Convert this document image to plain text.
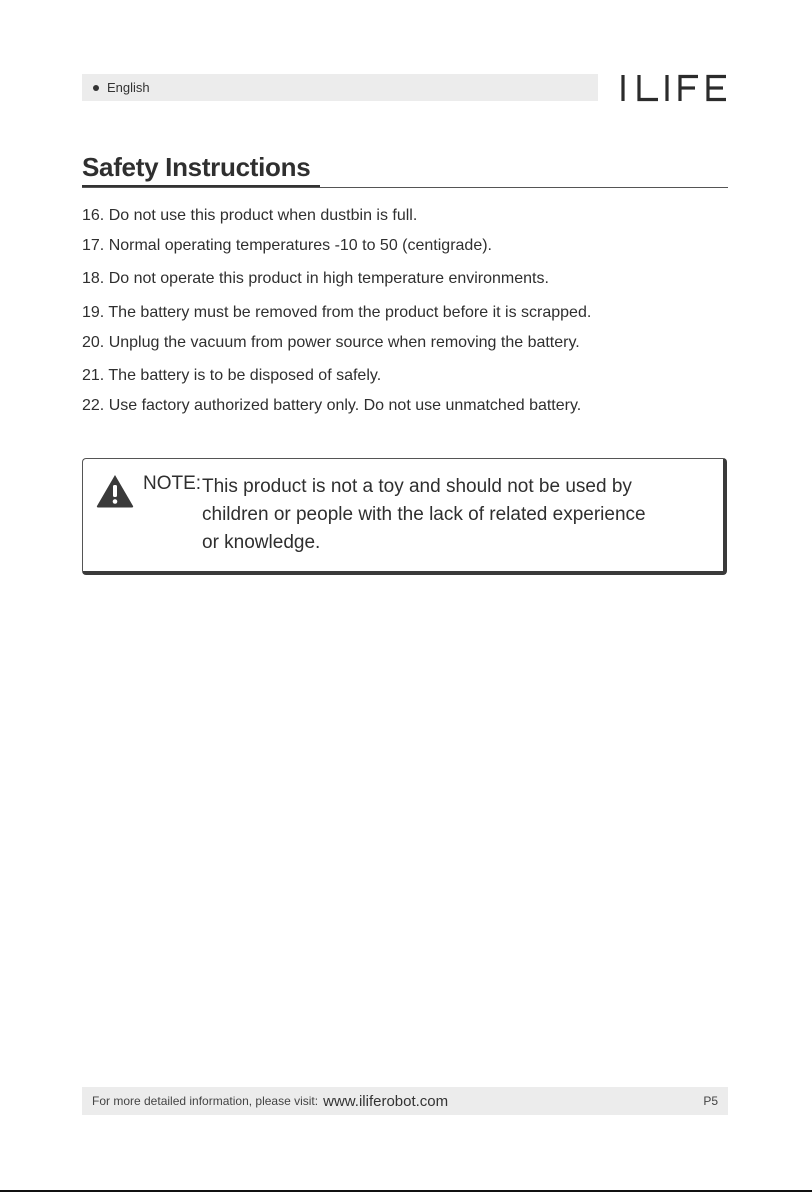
English
Safety Instructions
16. Do not use this product when dustbin is full.
17. Normal operating temperatures -10 to 50 (centigrade).
18. Do not operate this product in high temperature environments.
19. The battery must be removed from the product before it is scrapped.
20. Unplug the vacuum from power source when removing the battery.
21. The battery is to be disposed of safely.
22. Use factory authorized battery only. Do not use unmatched battery.
NOTE: This product is not a toy and should not be used by
children or people with the lack of related experience
or knowledge.
For more detailed information, please visit: www.iliferobot.com	P5
